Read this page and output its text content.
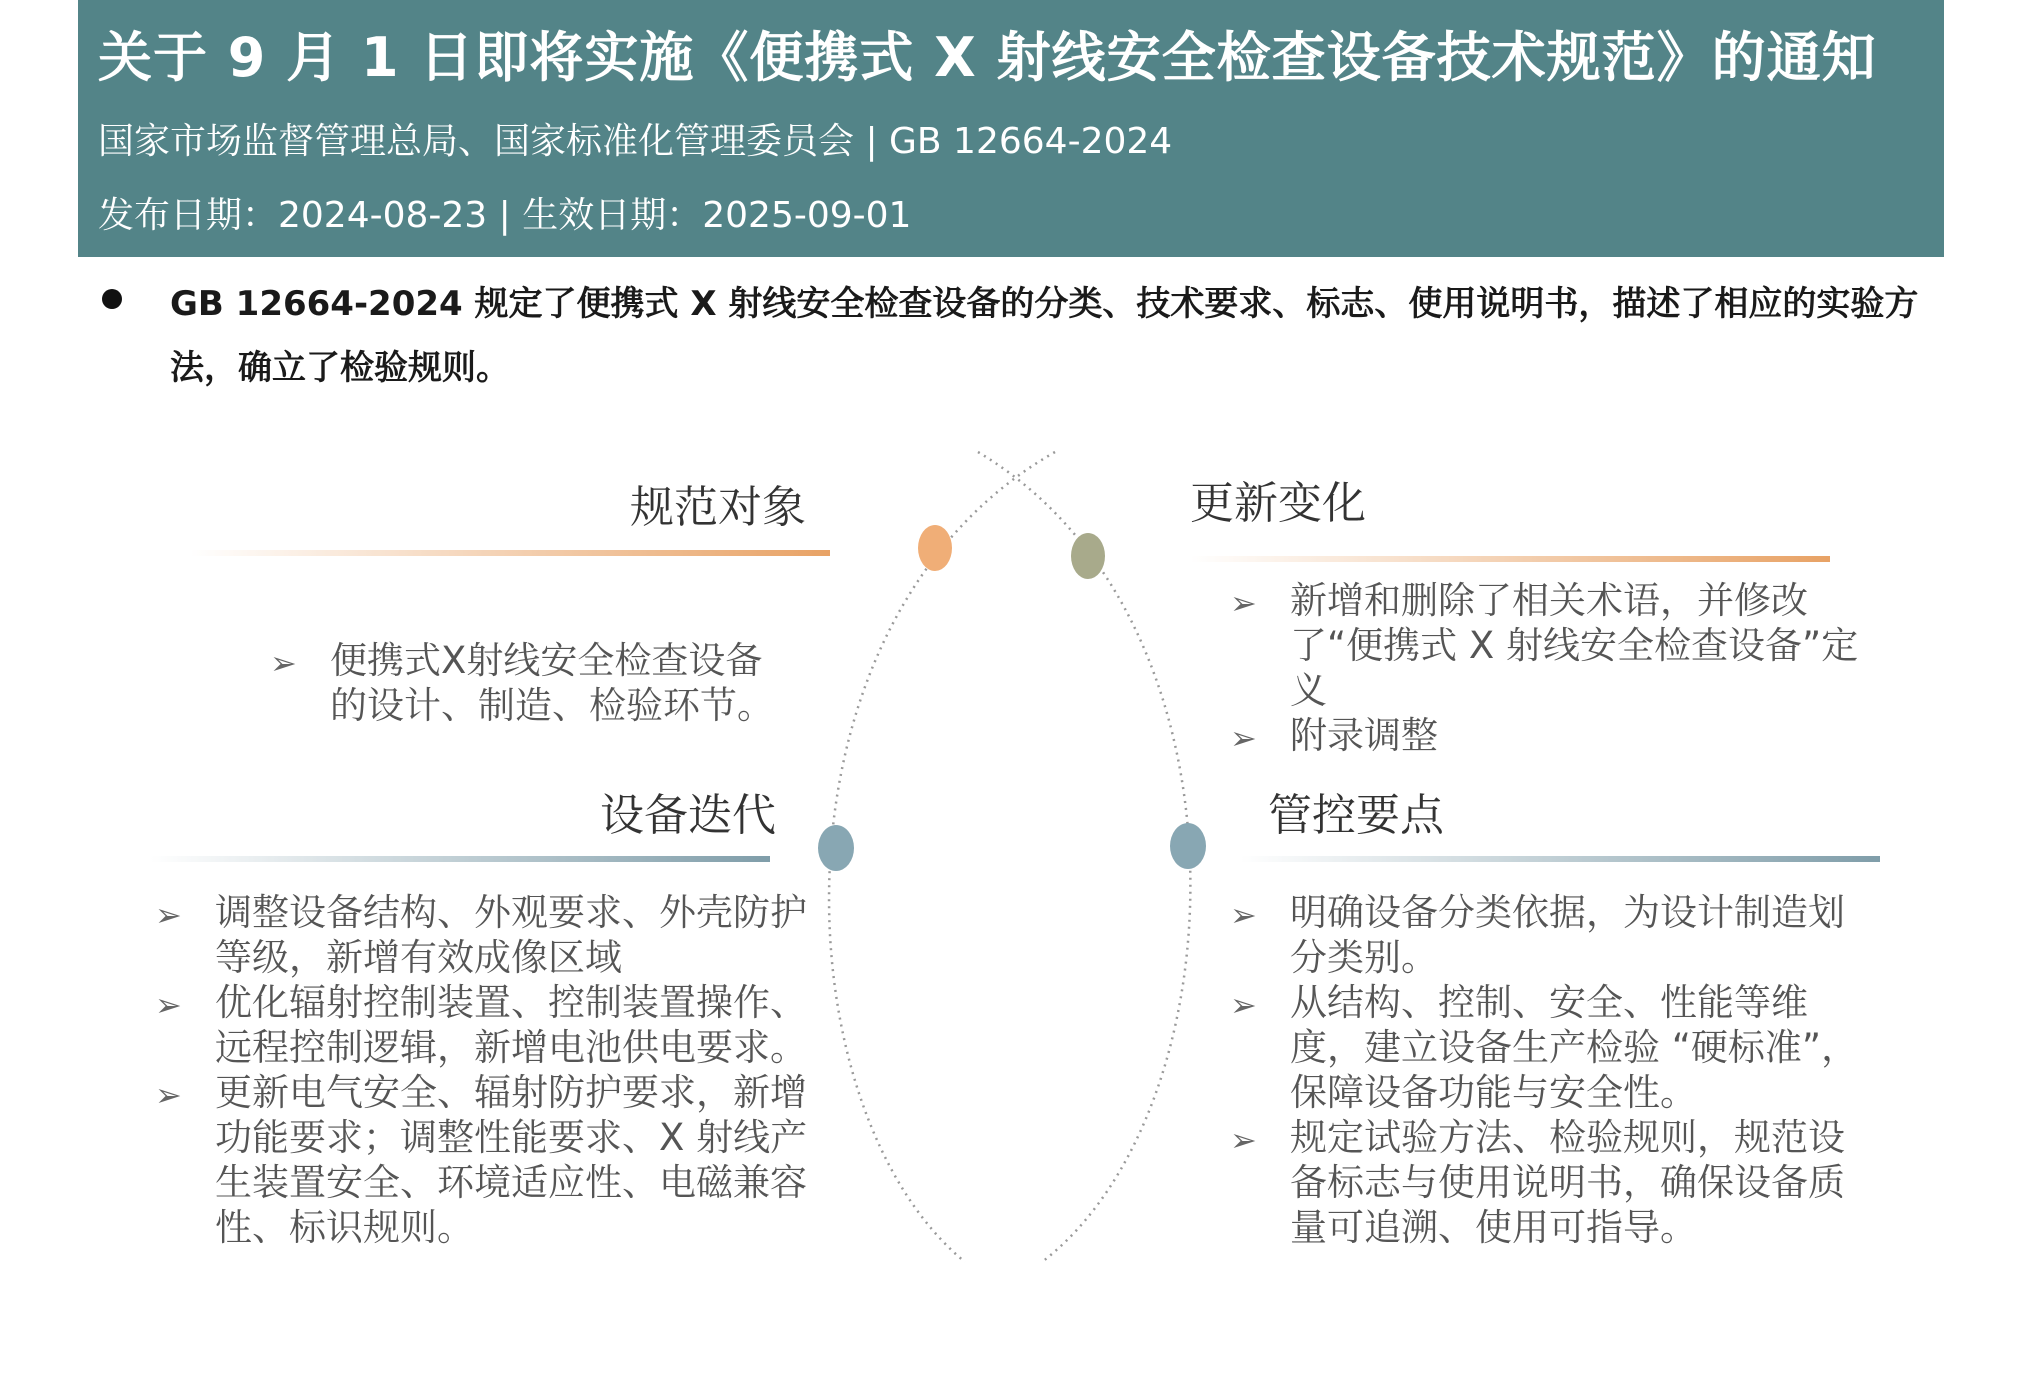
关于 9 月 1 日即将实施《便携式 X 射线安全检查设备技术规范》的通知
国家市场监督管理总局、国家标准化管理委员会 | GB 12664-2024
发布日期：2024-08-23 | 生效日期：2025-09-01
GB 12664-2024 规定了便携式 X 射线安全检查设备的分类、技术要求、标志、使用说明书，描述了相应的实验方法，确立了检验规则。
规范对象
➢ 便携式X射线安全检查设备的设计、制造、检验环节。
更新变化
➢ 新增和删除了相关术语，并修改了“便携式 X 射线安全检查设备”定义
➢ 附录调整
设备迭代
➢ 调整设备结构、外观要求、外壳防护等级，新增有效成像区域
➢ 优化辐射控制装置、控制装置操作、远程控制逻辑，新增电池供电要求。
➢ 更新电气安全、辐射防护要求，新增功能要求；调整性能要求、X 射线产生装置安全、环境适应性、电磁兼容性、标识规则。
管控要点
➢ 明确设备分类依据，为设计制造划分类别。
➢ 从结构、控制、安全、性能等维度，建立设备生产检验 “硬标准”，保障设备功能与安全性。
➢ 规定试验方法、检验规则，规范设备标志与使用说明书，确保设备质量可追溯、使用可指导。
